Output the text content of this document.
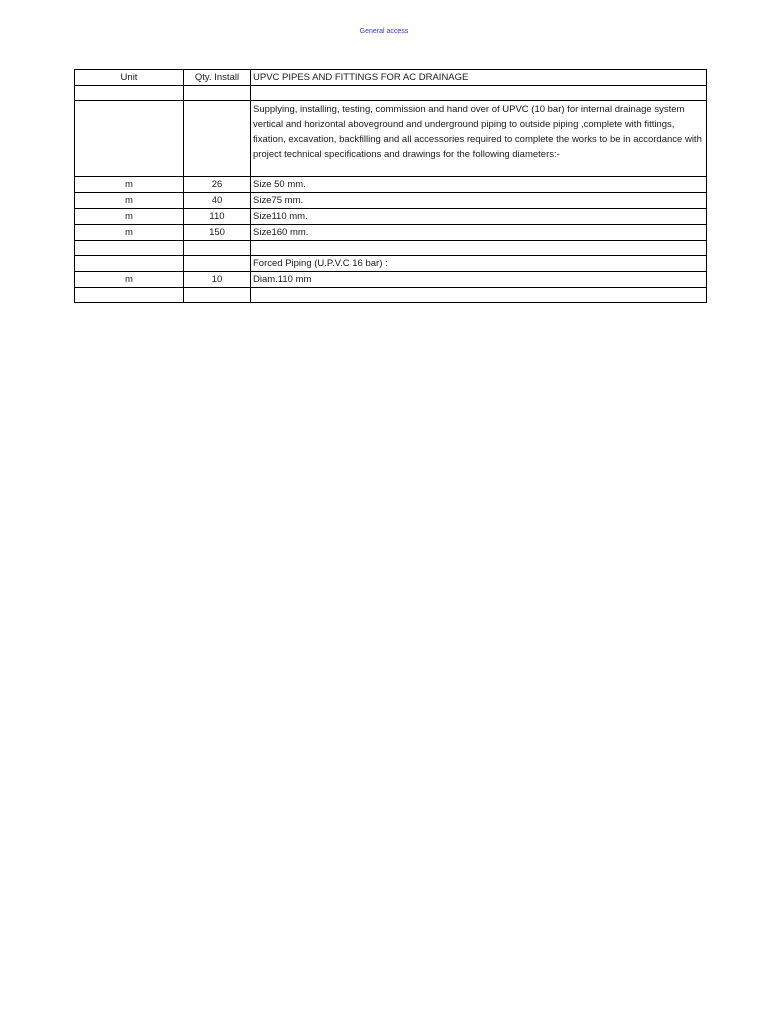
General access
Unit	Qty. Install	UPVC PIPES AND FITTINGS FOR AC DRAINAGE

		Supplying, installing, testing, commission and hand over of UPVC (10 bar) for internal drainage system vertical and horizontal aboveground and underground piping to outside piping ,complete with fittings, fixation, excavation, backfilling and all accessories required to complete the works to be in accordance with project technical specifications and drawings for the following diameters:-
m	26	Size 50 mm.
m	40	Size75 mm.
m	110	Size110 mm.
m	150	Size160 mm.

		Forced Piping (U.P.V.C 16 bar) :
m	10	Diam.110 mm
